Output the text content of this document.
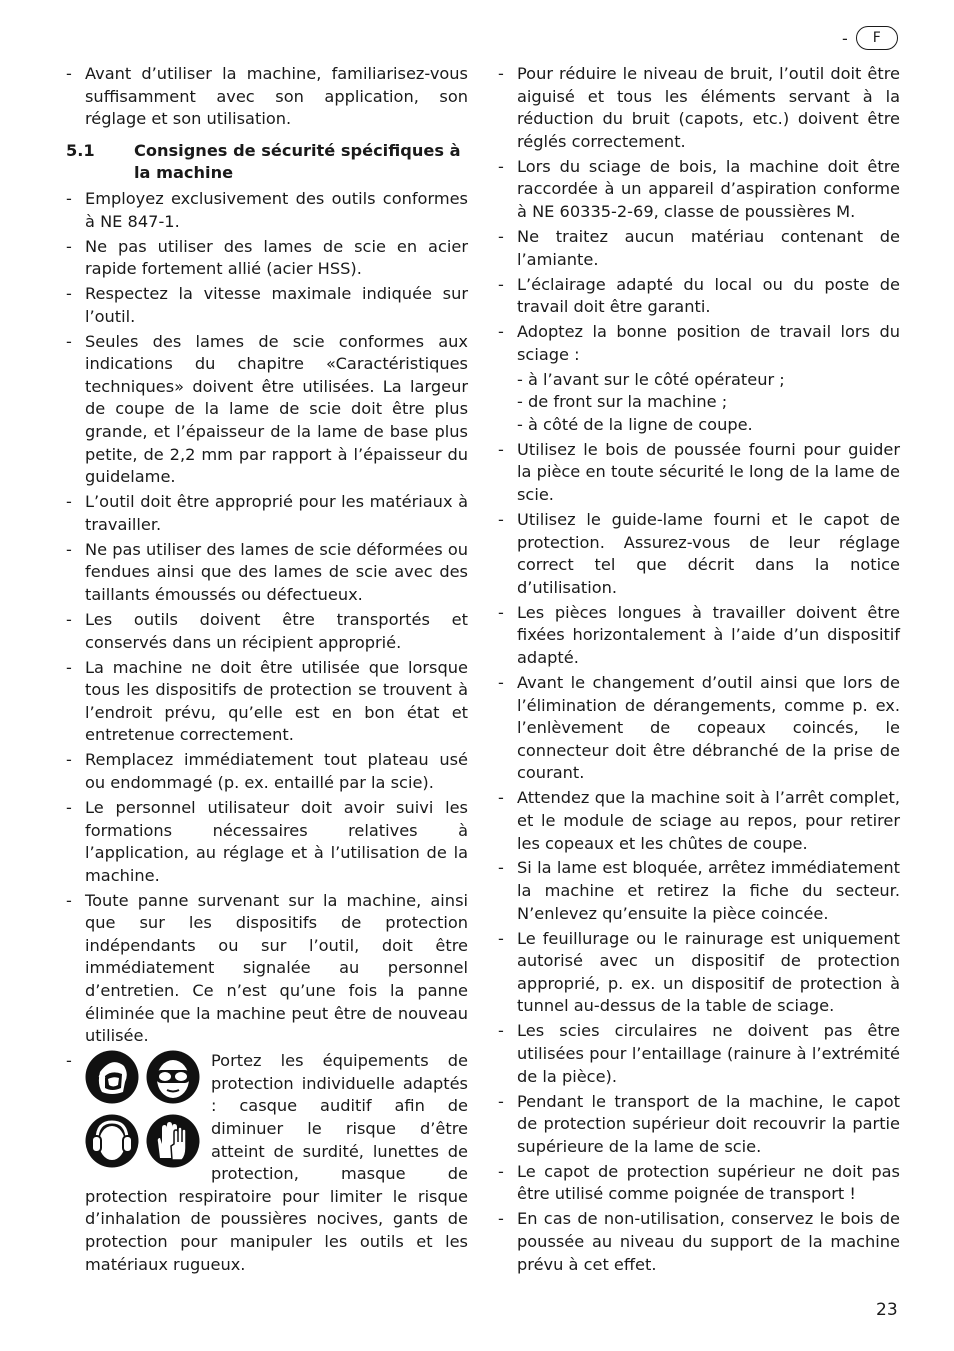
-	F
- Avant d’utiliser la machine, familiarisez-vous suffisamment avec son application, son réglage et son utilisation.
5.1	Consignes de sécurité spécifiques à la machine
- Employez exclusivement des outils conformes à NE 847-1.
- Ne pas utiliser des lames de scie en acier rapide fortement allié (acier HSS).
- Respectez la vitesse maximale indiquée sur l’outil.
- Seules des lames de scie conformes aux indications du chapitre «Caractéristiques techniques» doivent être utilisées. La largeur de coupe de la lame de scie doit être plus grande, et l’épaisseur de la lame de base plus petite, de 2,2 mm par rapport à l’épaisseur du guidelame.
- L’outil doit être approprié pour les matériaux à travailler.
- Ne pas utiliser des lames de scie déformées ou fendues ainsi que des lames de scie avec des taillants émoussés ou défectueux.
- Les outils doivent être transportés et conservés dans un récipient approprié.
- La machine ne doit être utilisée que lorsque tous les dispositifs de protection se trouvent à l’endroit prévu, qu’elle est en bon état et entretenue correctement.
- Remplacez immédiatement tout plateau usé ou endommagé (p. ex. entaillé par la scie).
- Le personnel utilisateur doit avoir suivi les formations nécessaires relatives à l’application, au réglage et à l’utilisation de la machine.
- Toute panne survenant sur la machine, ainsi que sur les dispositifs de protection indépendants ou sur l’outil, doit être immédiatement signalée au personnel d’entretien. Ce n’est qu’une fois la panne éliminée que la machine peut être de nouveau utilisée.
-	Portez les équipements de protection individuelle adaptés : casque auditif afin de diminuer le risque d’être atteint de surdité, lunettes de protection, masque de protection respiratoire pour limiter le risque d’inhalation de poussières nocives, gants de protection pour manipuler les outils et les matériaux rugueux.
- Pour réduire le niveau de bruit, l’outil doit être aiguisé et tous les éléments servant à la réduction du bruit (capots, etc.) doivent être réglés correctement.
- Lors du sciage de bois, la machine doit être raccordée à un appareil d’aspiration conforme à NE 60335-2-69, classe de poussières M.
- Ne traitez aucun matériau contenant de l’amiante.
- L’éclairage adapté du local ou du poste de travail doit être garanti.
- Adoptez la bonne position de travail lors du sciage :
- à l’avant sur le côté opérateur ;
- de front sur la machine ;
- à côté de la ligne de coupe.
- Utilisez le bois de poussée fourni pour guider la pièce en toute sécurité le long de la lame de scie.
- Utilisez le guide-lame fourni et le capot de protection. Assurez-vous de leur réglage correct tel que décrit dans la notice d’utilisation.
- Les pièces longues à travailler doivent être fixées horizontalement à l’aide d’un dispositif adapté.
- Avant le changement d’outil ainsi que lors de l’élimination de dérangements, comme p. ex. l’enlèvement de copeaux coincés, le connecteur doit être débranché de la prise de courant.
- Attendez que la machine soit à l’arrêt complet, et le module de sciage au repos, pour retirer les copeaux et les chûtes de coupe.
- Si la lame est bloquée, arrêtez immédiatement la machine et retirez la fiche du secteur. N’enlevez qu’ensuite la pièce coincée.
- Le feuillurage ou le rainurage est uniquement autorisé avec un dispositif de protection approprié, p. ex. un dispositif de protection à tunnel au-dessus de la table de sciage.
- Les scies circulaires ne doivent pas être utilisées pour l’entaillage (rainure à l’extrémité de la pièce).
- Pendant le transport de la machine, le capot de protection supérieur doit recouvrir la partie supérieure de la lame de scie.
- Le capot de protection supérieur ne doit pas être utilisé comme poignée de transport !
- En cas de non-utilisation, conservez le bois de poussée au niveau du support de la machine prévu à cet effet.
23
